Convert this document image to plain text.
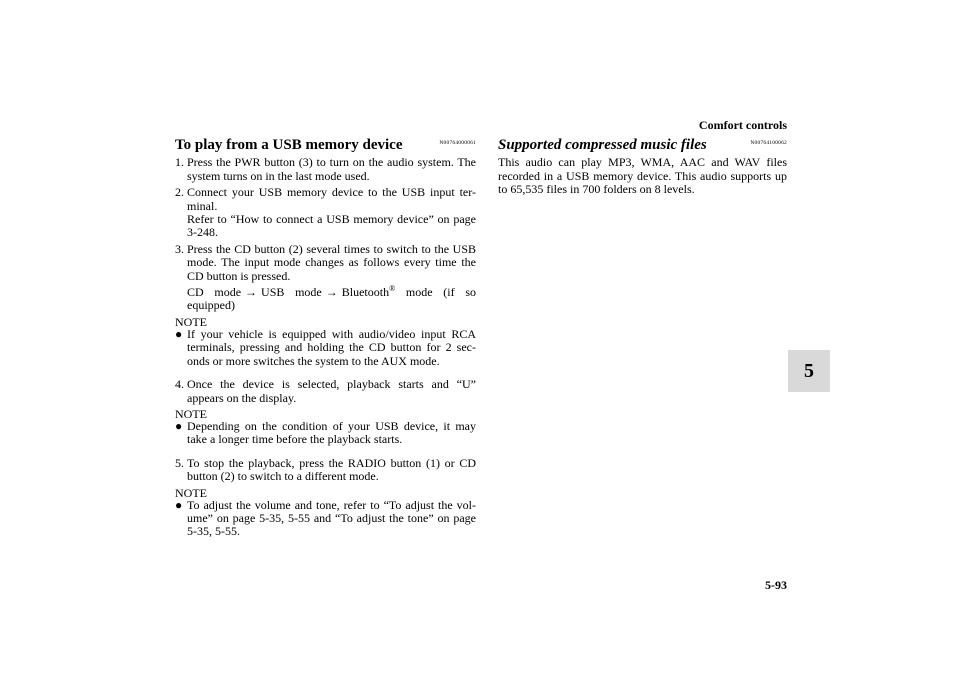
Comfort controls
5
To play from a USB memory device	N00764000061
1. Press the PWR button (3) to turn on the audio system. The system turns on in the last mode used.
2. Connect your USB memory device to the USB input ter-minal.
Refer to “How to connect a USB memory device” on page 3-248.
3. Press the CD button (2) several times to switch to the USB mode. The input mode changes as follows every time the CD button is pressed.
CD mode → USB mode → Bluetooth® mode (if so equipped)
NOTE
● If your vehicle is equipped with audio/video input RCA terminals, pressing and holding the CD button for 2 sec-onds or more switches the system to the AUX mode.
4. Once the device is selected, playback starts and “U” appears on the display.
NOTE
● Depending on the condition of your USB device, it may take a longer time before the playback starts.
5. To stop the playback, press the RADIO button (1) or CD button (2) to switch to a different mode.
NOTE
● To adjust the volume and tone, refer to “To adjust the vol-ume” on page 5-35, 5-55 and “To adjust the tone” on page 5-35, 5-55.
Supported compressed music files	N00764100062
This audio can play MP3, WMA, AAC and WAV files recorded in a USB memory device. This audio supports up to 65,535 files in 700 folders on 8 levels.
5-93
